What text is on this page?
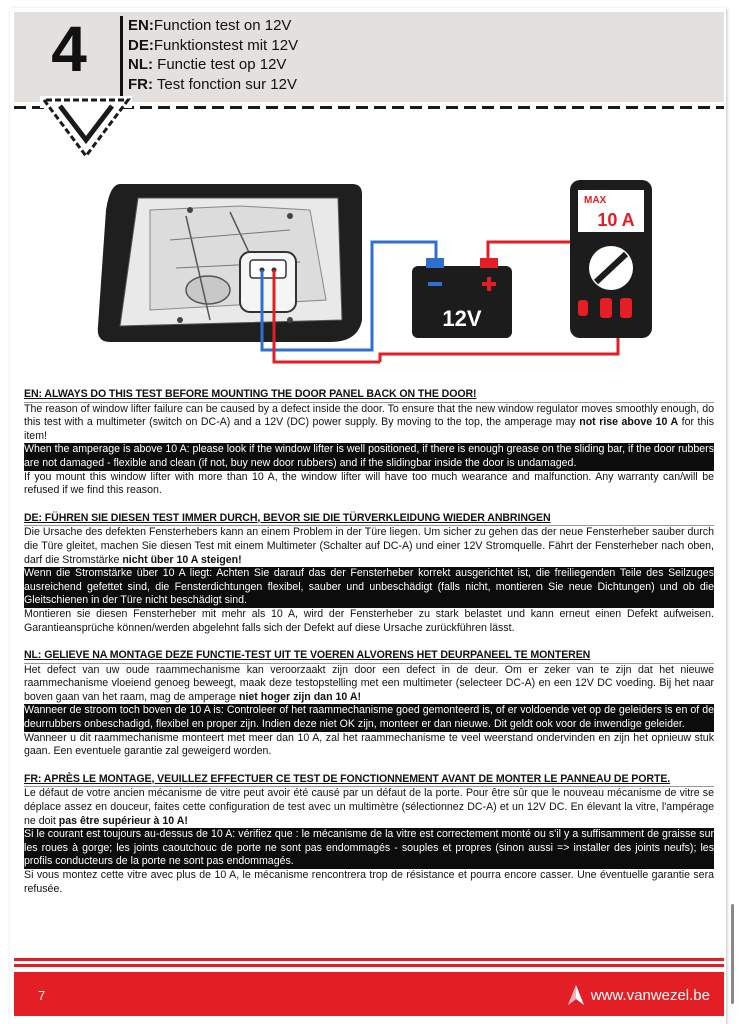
4	EN:Function test on 12V
DE:Funktionstest mit 12V
NL: Functie test op 12V
FR: Test fonction sur 12V
12V
MAX
10 A
EN: ALWAYS DO THIS TEST BEFORE MOUNTING THE DOOR PANEL BACK ON THE DOOR!
The reason of window lifter failure can be caused by a defect inside the door. To ensure that the new window regulator moves smoothly enough, do this test with a multimeter (switch on DC-A) and a 12V (DC) power supply. By moving to the top, the amperage may not rise above 10 A for this item!
When the amperage is above 10 A: please look if the window lifter is well positioned, if there is enough grease on the sliding bar, if the door rubbers are not damaged - flexible and clean (if not, buy new door rubbers) and if the slidingbar inside the door is undamaged.
If you mount this window lifter with more than 10 A, the window lifter will have too much wearance and malfunction. Any warranty can/will be refused if we find this reason.
DE: FÜHREN SIE DIESEN TEST IMMER DURCH, BEVOR SIE DIE TÜRVERKLEIDUNG WIEDER ANBRINGEN
Die Ursache des defekten Fensterhebers kann an einem Problem in der Türe liegen. Um sicher zu gehen das der neue Fensterheber sauber durch die Türe gleitet, machen Sie diesen Test mit einem Multimeter (Schalter auf DC-A) und einer 12V Stromquelle. Fährt der Fensterheber nach oben, darf die Stromstärke nicht über 10 A steigen!
Wenn die Stromstärke über 10 A liegt: Achten Sie darauf das der Fensterheber korrekt ausgerichtet ist, die freiliegenden Teile des Seilzuges ausreichend gefettet sind, die Fensterdichtungen flexibel, sauber und unbeschädigt (falls nicht, montieren Sie neue Dichtungen) und ob die Gleitschienen in der Türe nicht beschädigt sind.
Montieren sie diesen Fensterheber mit mehr als 10 A, wird der Fensterheber zu stark belastet und kann erneut einen Defekt aufweisen. Garantieansprüche können/werden abgelehnt falls sich der Defekt auf diese Ursache zurückführen lässt.
NL: GELIEVE NA MONTAGE DEZE FUNCTIE-TEST UIT TE VOEREN ALVORENS HET DEURPANEEL TE MONTEREN
Het defect van uw oude raammechanisme kan veroorzaakt zijn door een defect in de deur. Om er zeker van te zijn dat het nieuwe raammechanisme vloeiend genoeg beweegt, maak deze testopstelling met een multimeter (selecteer DC-A) en een 12V DC voeding. Bij het naar boven gaan van het raam, mag de amperage niet hoger zijn dan 10 A!
Wanneer de stroom toch boven de 10 A is: Controleer of het raammechanisme goed gemonteerd is, of er voldoende vet op de geleiders is en of de deurrubbers onbeschadigd, flexibel en proper zijn. Indien deze niet OK zijn, monteer er dan nieuwe. Dit geldt ook voor de inwendige geleider.
Wanneer u dit raammechanisme monteert met meer dan 10 A, zal het raammechanisme te veel weerstand ondervinden en zijn het opnieuw stuk gaan. Een eventuele garantie zal geweigerd worden.
FR: APRÈS LE MONTAGE, VEUILLEZ EFFECTUER CE TEST DE FONCTIONNEMENT AVANT DE MONTER LE PANNEAU DE PORTE.
Le défaut de votre ancien mécanisme de vitre peut avoir été causé par un défaut de la porte. Pour être sûr que le nouveau mécanisme de vitre se déplace assez en douceur, faites cette configuration de test avec un multimètre (sélectionnez DC-A) et un 12V DC. En élevant la vitre, l'ampérage ne doit pas être supérieur à 10 A!
Si le courant est toujours au-dessus de 10 A: vérifiez que : le mécanisme de la vitre est correctement monté ou s'il y a suffisamment de graisse sur les roues à gorge; les joints caoutchouc de porte ne sont pas endommagés - souples et propres (sinon aussi => installer des joints neufs); les profils conducteurs de la porte ne sont pas endommagés.
Si vous montez cette vitre avec plus de 10 A, le mécanisme rencontrera trop de résistance et pourra encore casser. Une éventuelle garantie sera refusée.
7	www.vanwezel.be
